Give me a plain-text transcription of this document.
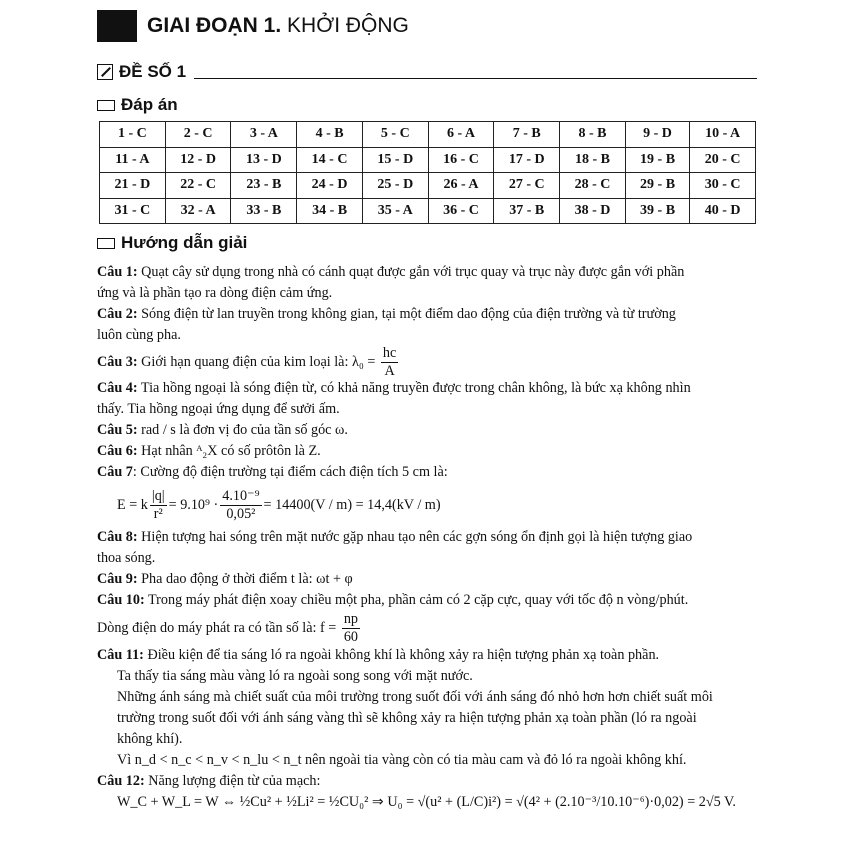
GIAI ĐOẠN 1. KHỞI ĐỘNG
ĐỀ SỐ 1
Đáp án
1 - C	2 - C	3 - A	4 - B	5 - C	6 - A	7 - B	8 - B	9 - D	10 - A
11 - A	12 - D	13 - D	14 - C	15 - D	16 - C	17 - D	18 - B	19 - B	20 - C
21 - D	22 - C	23 - B	24 - D	25 - D	26 - A	27 - C	28 - C	29 - B	30 - C
31 - C	32 - A	33 - B	34 - B	35 - A	36 - C	37 - B	38 - D	39 - B	40 - D
Hướng dẫn giải
Câu 1: Quạt cây sử dụng trong nhà có cánh quạt được gắn với trục quay và trục này được gắn với phần
ứng và là phần tạo ra dòng điện cảm ứng.
Câu 2: Sóng điện từ lan truyền trong không gian, tại một điểm dao động của điện trường và từ trường
luôn cùng pha.
Câu 3: Giới hạn quang điện của kim loại là: $\lambda_0 = \frac{hc}{A}$
Câu 4: Tia hồng ngoại là sóng điện từ, có khả năng truyền được trong chân không, là bức xạ không nhìn
thấy. Tia hồng ngoại ứng dụng để sưởi ấm.
Câu 5: rad / s là đơn vị đo của tần số góc ω.
Câu 6: Hạt nhân ᴬ₂X có số prôtôn là Z.
Câu 7: Cường độ điện trường tại điểm cách điện tích 5 cm là:
E = k $\frac{|q|}{\text{r²}} = 9.10^9 \cdot \frac{\text{4.10⁻⁹}}{\text{0,05²}} = 14400(V / m) = 14,4(kV / m)$
Câu 8: Hiện tượng hai sóng trên mặt nước gặp nhau tạo nên các gợn sóng ổn định gọi là hiện tượng giao
thoa sóng.
Câu 9: Pha dao động ở thời điểm t là: ωt + φ
Câu 10: Trong máy phát điện xoay chiều một pha, phần cảm có 2 cặp cực, quay với tốc độ n vòng/phút.
Dòng điện do máy phát ra có tần số là: $f = \frac{np}{60}$
Câu 11: Điều kiện để tia sáng ló ra ngoài không khí là không xảy ra hiện tượng phản xạ toàn phần.
Ta thấy tia sáng màu vàng ló ra ngoài song song với mặt nước.
Những ánh sáng mà chiết suất của môi trường trong suốt đối với ánh sáng đó nhỏ hơn hơn chiết suất môi
trường trong suốt đối với ánh sáng vàng thì sẽ không xảy ra hiện tượng phản xạ toàn phần (ló ra ngoài
không khí).
Vì n_d < n_c < n_v < n_lu < n_t nên ngoài tia vàng còn có tia màu cam và đỏ ló ra ngoài không khí.
Câu 12: Năng lượng điện từ của mạch:
W_C + W_L = W ⇔ ½Cu² + ½Li² = ½CU₀² ⇒ U₀ = √(u² + (L/C)i²) = √(4² + (2.10⁻³/10.10⁻⁶)·0,02) = 2√5 V.
